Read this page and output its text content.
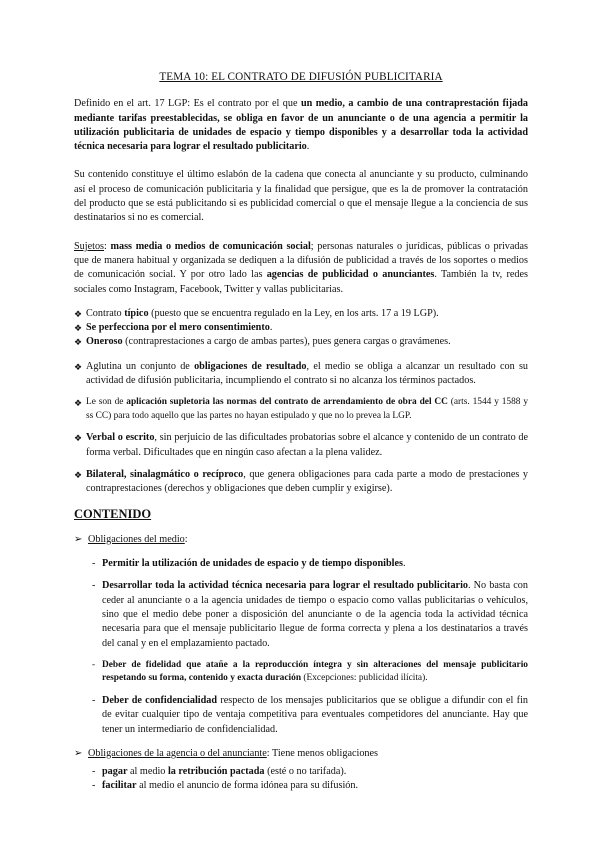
TEMA 10: EL CONTRATO DE DIFUSIÓN PUBLICITARIA

Definido en el art. 17 LGP: Es el contrato por el que un medio, a cambio de una contraprestación fijada mediante tarifas preestablecidas, se obliga en favor de un anunciante o de una agencia a permitir la utilización publicitaria de unidades de espacio y tiempo disponibles y a desarrollar toda la actividad técnica necesaria para lograr el resultado publicitario.

Su contenido constituye el último eslabón de la cadena que conecta al anunciante y su producto, culminando así el proceso de comunicación publicitaria y la finalidad que persigue, que es la de promover la contratación del producto que se está publicitando si es publicidad comercial o que el mensaje llegue a la conciencia de sus destinatarios si no es comercial.

Sujetos: mass media o medios de comunicación social; personas naturales o jurídicas, públicas o privadas que de manera habitual y organizada se dediquen a la difusión de publicidad a través de los soportes o medios de comunicación social. Y por otro lado las agencias de publicidad o anunciantes. También la tv, redes sociales como Instagram, Facebook, Twitter y vallas publicitarias.

❖ Contrato típico (puesto que se encuentra regulado en la Ley, en los arts. 17 a 19 LGP).
❖ Se perfecciona por el mero consentimiento.
❖ Oneroso (contraprestaciones a cargo de ambas partes), pues genera cargas o gravámenes.
❖ Aglutina un conjunto de obligaciones de resultado, el medio se obliga a alcanzar un resultado con su actividad de difusión publicitaria, incumpliendo el contrato si no alcanza los términos pactados.
❖ Le son de aplicación supletoria las normas del contrato de arrendamiento de obra del CC (arts. 1544 y 1588 y ss CC) para todo aquello que las partes no hayan estipulado y que no lo prevea la LGP.
❖ Verbal o escrito, sin perjuicio de las dificultades probatorias sobre el alcance y contenido de un contrato de forma verbal. Dificultades que en ningún caso afectan a la plena validez.
❖ Bilateral, sinalagmático o recíproco, que genera obligaciones para cada parte a modo de prestaciones y contraprestaciones (derechos y obligaciones que deben cumplir y exigirse).
CONTENIDO
➢ Obligaciones del medio:
- Permitir la utilización de unidades de espacio y de tiempo disponibles.
- Desarrollar toda la actividad técnica necesaria para lograr el resultado publicitario. No basta con ceder al anunciante o a la agencia unidades de tiempo o espacio como vallas publicitarias o vehículos, sino que el medio debe poner a disposición del anunciante o de la agencia toda la actividad técnica necesaria para que el mensaje publicitario llegue de forma correcta y plena a los destinatarios a través del canal y en el emplazamiento pactado.
- Deber de fidelidad que atañe a la reproducción íntegra y sin alteraciones del mensaje publicitario respetando su forma, contenido y exacta duración (Excepciones: publicidad ilícita).
- Deber de confidencialidad respecto de los mensajes publicitarios que se obligue a difundir con el fin de evitar cualquier tipo de ventaja competitiva para eventuales competidores del anunciante. Hay que tener un intermediario de confidencialidad.
➢ Obligaciones de la agencia o del anunciante: Tiene menos obligaciones
- pagar al medio la retribución pactada (esté o no tarifada).
- facilitar al medio el anuncio de forma idónea para su difusión.
